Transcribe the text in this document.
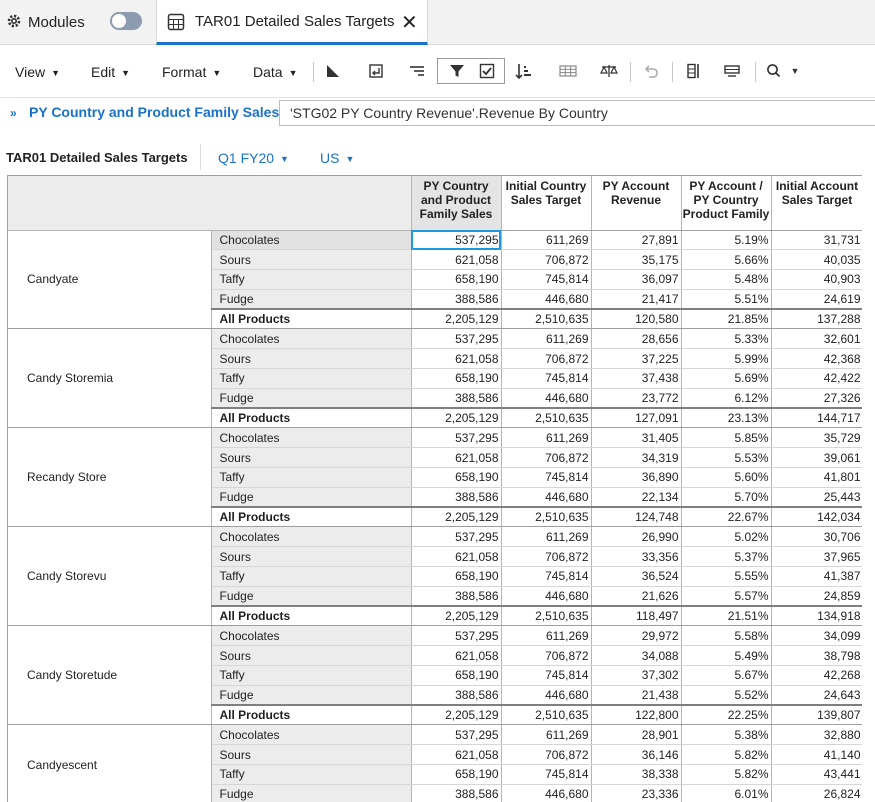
Modules	TAR01 Detailed Sales Targets ✕
View ▼ Edit ▼ Format ▼ Data ▼	▼
» PY Country and Product Family Sales 'STG02 PY Country Revenue'.Revenue By Country
TAR01 Detailed Sales Targets Q1 FY20 ▼ US ▼
		PY Country and Product Family Sales	Initial Country Sales Target	PY Account Revenue	PY Account / PY Country Product Family	Initial Account Sales Target
Candyate	Chocolates	537,295	611,269	27,891	5.19%	31,731
	Sours	621,058	706,872	35,175	5.66%	40,035
	Taffy	658,190	745,814	36,097	5.48%	40,903
	Fudge	388,586	446,680	21,417	5.51%	24,619
	All Products	2,205,129	2,510,635	120,580	21.85%	137,288
Candy Storemia	Chocolates	537,295	611,269	28,656	5.33%	32,601
	Sours	621,058	706,872	37,225	5.99%	42,368
	Taffy	658,190	745,814	37,438	5.69%	42,422
	Fudge	388,586	446,680	23,772	6.12%	27,326
	All Products	2,205,129	2,510,635	127,091	23.13%	144,717
Recandy Store	Chocolates	537,295	611,269	31,405	5.85%	35,729
	Sours	621,058	706,872	34,319	5.53%	39,061
	Taffy	658,190	745,814	36,890	5.60%	41,801
	Fudge	388,586	446,680	22,134	5.70%	25,443
	All Products	2,205,129	2,510,635	124,748	22.67%	142,034
Candy Storevu	Chocolates	537,295	611,269	26,990	5.02%	30,706
	Sours	621,058	706,872	33,356	5.37%	37,965
	Taffy	658,190	745,814	36,524	5.55%	41,387
	Fudge	388,586	446,680	21,626	5.57%	24,859
	All Products	2,205,129	2,510,635	118,497	21.51%	134,918
Candy Storetude	Chocolates	537,295	611,269	29,972	5.58%	34,099
	Sours	621,058	706,872	34,088	5.49%	38,798
	Taffy	658,190	745,814	37,302	5.67%	42,268
	Fudge	388,586	446,680	21,438	5.52%	24,643
	All Products	2,205,129	2,510,635	122,800	22.25%	139,807
Candyescent	Chocolates	537,295	611,269	28,901	5.38%	32,880
	Sours	621,058	706,872	36,146	5.82%	41,140
	Taffy	658,190	745,814	38,338	5.82%	43,441
	Fudge	388,586	446,680	23,336	6.01%	26,824
